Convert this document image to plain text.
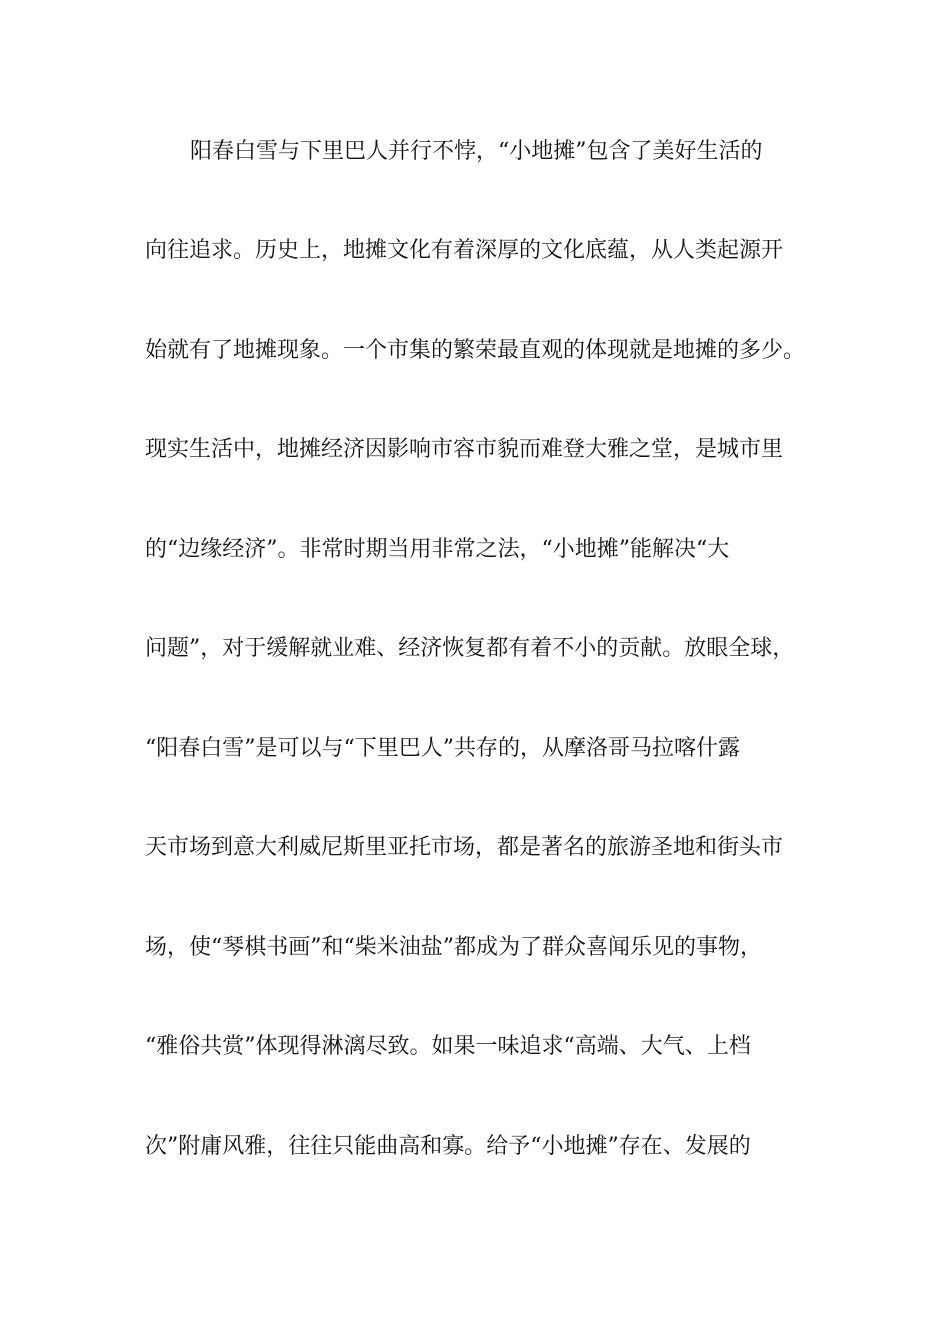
阳春白雪与下里巴人并行不悖，“小地摊”包含了美好生活的
向往追求。历史上，地摊文化有着深厚的文化底蕴，从人类起源开
始就有了地摊现象。一个市集的繁荣最直观的体现就是地摊的多少。
现实生活中，地摊经济因影响市容市貌而难登大雅之堂，是城市里
的“边缘经济”。非常时期当用非常之法，“小地摊”能解决“大
问题”，对于缓解就业难、经济恢复都有着不小的贡献。放眼全球，
“阳春白雪”是可以与“下里巴人”共存的，从摩洛哥马拉喀什露
天市场到意大利威尼斯里亚托市场，都是著名的旅游圣地和街头市
场，使“琴棋书画”和“柴米油盐”都成为了群众喜闻乐见的事物，
“雅俗共赏”体现得淋漓尽致。如果一味追求“高端、大气、上档
次”附庸风雅，往往只能曲高和寡。给予“小地摊”存在、发展的
